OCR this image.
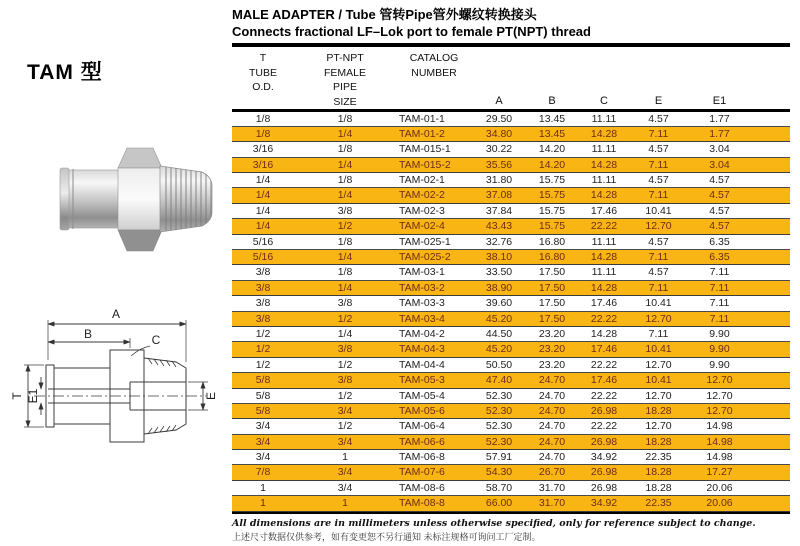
TAM 型
A
B	C
T E1	E
MALE ADAPTER / Tube 管转Pipe管外螺纹转换接头
Connects fractional LF–Lok port to female PT(NPT) thread
T
TUBE
O.D.
PT-NPT
FEMALE
PIPE
SIZE
CATALOG
NUMBER
A	B	C	E	E1
1/8	1/8	TAM-01-1	29.50	13.45	11.11	4.57	1.77
1/8	1/4	TAM-01-2	34.80	13.45	14.28	7.11	1.77
3/16	1/8	TAM-015-1	30.22	14.20	11.11	4.57	3.04
3/16	1/4	TAM-015-2	35.56	14.20	14.28	7.11	3.04
1/4	1/8	TAM-02-1	31.80	15.75	11.11	4.57	4.57
1/4	1/4	TAM-02-2	37.08	15.75	14.28	7.11	4.57
1/4	3/8	TAM-02-3	37.84	15.75	17.46	10.41	4.57
1/4	1/2	TAM-02-4	43.43	15.75	22.22	12.70	4.57
5/16	1/8	TAM-025-1	32.76	16.80	11.11	4.57	6.35
5/16	1/4	TAM-025-2	38.10	16.80	14.28	7.11	6.35
3/8	1/8	TAM-03-1	33.50	17.50	11.11	4.57	7.11
3/8	1/4	TAM-03-2	38.90	17.50	14.28	7.11	7.11
3/8	3/8	TAM-03-3	39.60	17.50	17.46	10.41	7.11
3/8	1/2	TAM-03-4	45.20	17.50	22.22	12.70	7.11
1/2	1/4	TAM-04-2	44.50	23.20	14.28	7.11	9.90
1/2	3/8	TAM-04-3	45.20	23.20	17.46	10.41	9.90
1/2	1/2	TAM-04-4	50.50	23.20	22.22	12.70	9.90
5/8	3/8	TAM-05-3	47.40	24.70	17.46	10.41	12.70
5/8	1/2	TAM-05-4	52.30	24.70	22.22	12.70	12.70
5/8	3/4	TAM-05-6	52.30	24.70	26.98	18.28	12.70
3/4	1/2	TAM-06-4	52.30	24.70	22.22	12.70	14.98
3/4	3/4	TAM-06-6	52.30	24.70	26.98	18.28	14.98
3/4	1	TAM-06-8	57.91	24.70	34.92	22.35	14.98
7/8	3/4	TAM-07-6	54.30	26.70	26.98	18.28	17.27
1	3/4	TAM-08-6	58.70	31.70	26.98	18.28	20.06
1	1	TAM-08-8	66.00	31.70	34.92	22.35	20.06
All dimensions are in millimeters unless otherwise specified, only for reference subject to change.
上述尺寸数据仅供参考，如有变更恕不另行通知 未标注规格可询问工厂定制。
